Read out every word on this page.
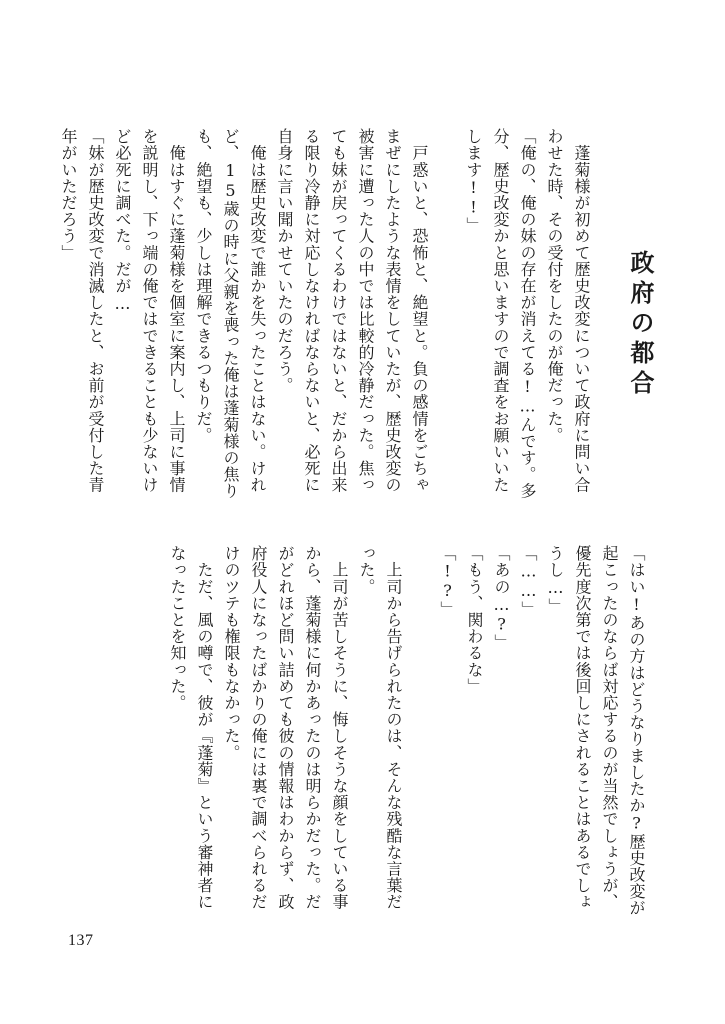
政府の都合

　蓬菊様が初めて歴史改変について政府に問い合わせた時、その受付をしたのが俺だった。

「俺の、俺の妹の存在が消えてる!…んです。多分、歴史改変かと思いますので調査をお願いいたします!!」

　戸惑いと、恐怖と、絶望と。負の感情をごちゃまぜにしたような表情をしていたが、歴史改変の被害に遭った人の中では比較的冷静だった。焦っても妹が戻ってくるわけではないと、だから出来る限り冷静に対応しなければならないと、必死に自身に言い聞かせていたのだろう。

　俺は歴史改変で誰かを失ったことはない。けれど、15歳の時に父親を喪った俺は蓬菊様の焦りも、絶望も、少しは理解できるつもりだ。

　俺はすぐに蓬菊様を個室に案内し、上司に事情を説明し、下っ端の俺ではできることも少ないけど必死に調べた。だが…

「妹が歴史改変で消滅したと、お前が受付した青年がいただろう」

「はい!あの方はどうなりましたか?歴史改変が起こったのならば対応するのが当然でしょうが、優先度次第では後回しにされることはあるでしょうし…」

「……」

「あの…?」

「もう、関わるな」

「!?」

　上司から告げられたのは、そんな残酷な言葉だった。

　上司が苦しそうに、悔しそうな顔をしている事から、蓬菊様に何かあったのは明らかだった。だがどれほど問い詰めても彼の情報はわからず、政府役人になったばかりの俺には裏で調べられるだけのツテも権限もなかった。

　ただ、風の噂で、彼が『蓬菊』という審神者になったことを知った。

137
